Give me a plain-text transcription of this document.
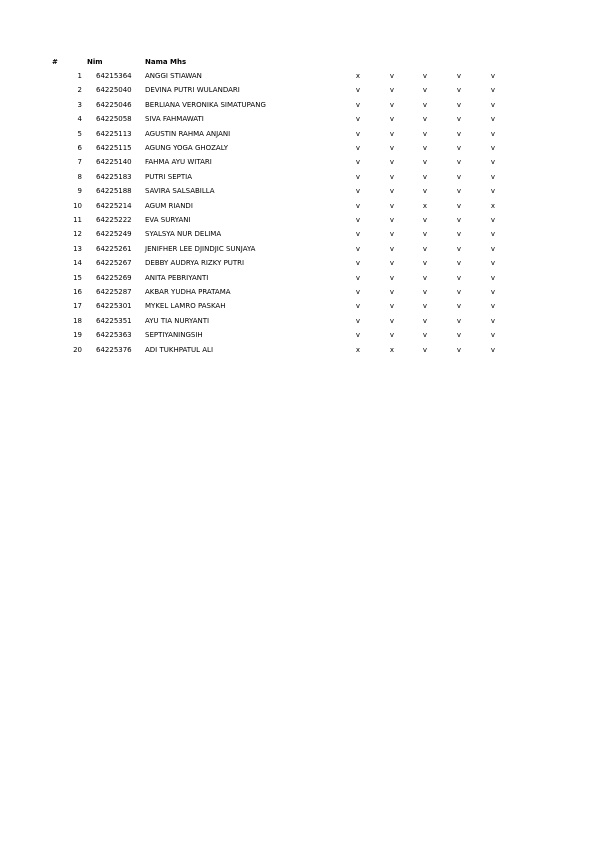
#	Nim	Nama Mhs
1 64215364	ANGGI STIAWAN	x	v	v	v	v
2 64225040	DEVINA PUTRI WULANDARI	v	v	v	v	v
3 64225046	BERLIANA VERONIKA SIMATUPANG	v	v	v	v	v
4 64225058	SIVA FAHMAWATI	v	v	v	v	v
5 64225113	AGUSTIN RAHMA ANJANI	v	v	v	v	v
6 64225115	AGUNG YOGA GHOZALY	v	v	v	v	v
7 64225140	FAHMA AYU WITARI	v	v	v	v	v
8 64225183	PUTRI SEPTIA	v	v	v	v	v
9 64225188	SAVIRA SALSABILLA	v	v	v	v	v
10 64225214	AGUM RIANDI	v	v	x	v	x
11 64225222	EVA SURYANI	v	v	v	v	v
12 64225249	SYALSYA NUR DELIMA	v	v	v	v	v
13 64225261	JENIFHER LEE DJINDJIC SUNJAYA	v	v	v	v	v
14 64225267	DEBBY AUDRYA RIZKY PUTRI	v	v	v	v	v
15 64225269	ANITA PEBRIYANTI	v	v	v	v	v
16 64225287	AKBAR YUDHA PRATAMA	v	v	v	v	v
17 64225301	MYKEL LAMRO PASKAH	v	v	v	v	v
18 64225351	AYU TIA NURYANTI	v	v	v	v	v
19 64225363	SEPTIYANINGSIH	v	v	v	v	v
20 64225376	ADI TUKHPATUL ALI	x	x	v	v	v
